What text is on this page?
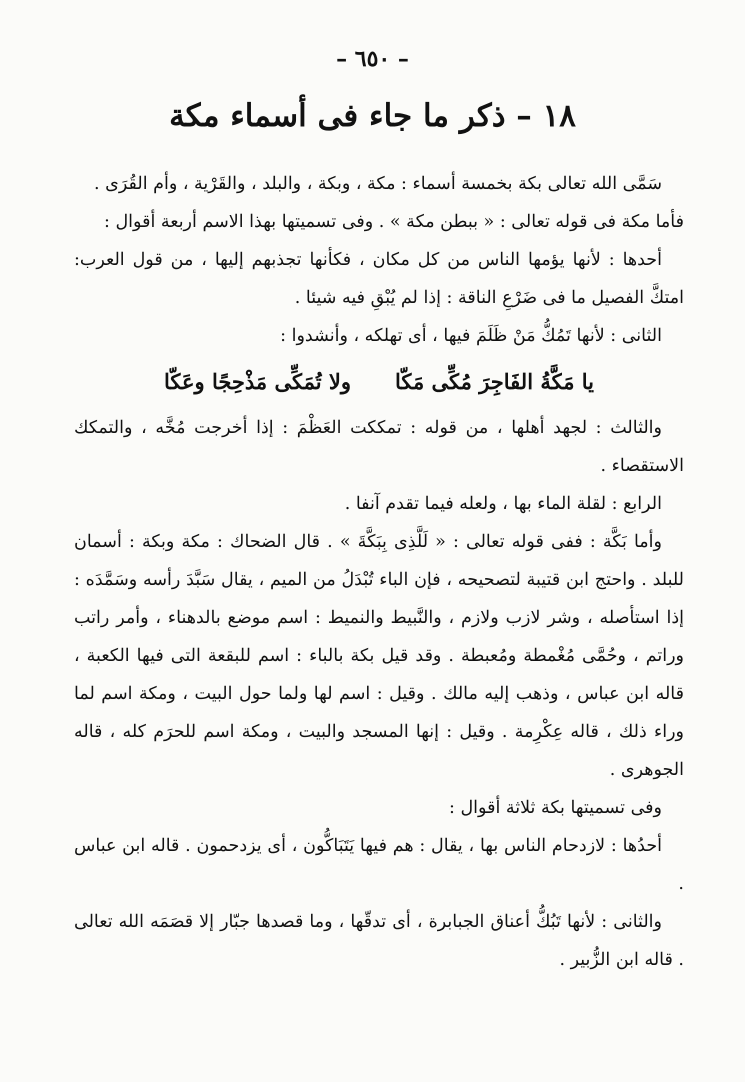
– ٦٥٠ –
١٨ – ذكر ما جاء فى أسماء مكة

سَمَّى الله تعالى بكة بخمسة أسماء : مكة ، وبكة ، والبلد ، والقَرْية ، وأم القُرَى .

فأما مكة فى قوله تعالى : « ببطن مكة » . وفى تسميتها بهذا الاسم أربعة أقوال :

أحدها : لأنها يؤمها الناس من كل مكان ، فكأنها تجذبهم إليها ، من قول العرب: امتكَّ الفصيل ما فى ضَرْعِ الناقة : إذا لم يُبْقِ فيه شيئا .

الثانى : لأنها تَمُكُّ مَنْ ظَلَمَ فيها ، أى تهلكه ، وأنشدوا :

يا مَكَّةُ الفَاجِرَ مُكِّى مَكّا
ولا تُمَكِّى مَذْحِجًا وعَكّا

والثالث : لجهد أهلها ، من قوله : تمككت العَظْمَ : إذا أخرجت مُخَّه ، والتمكك الاستقصاء .

الرابع : لقلة الماء بها ، ولعله فيما تقدم آنفا .

وأما بَكَّة : ففى قوله تعالى : « لَلَّذِى بِبَكَّةَ » . قال الضحاك : مكة وبكة : أسمان للبلد . واحتج ابن قتيبة لتصحيحه ، فإن الباء تُبْدَلُ من الميم ، يقال سَبَّدَ رأسه وسَمَّدَه : إذا استأصله ، وشر لازب ولازم ، والنَّبيط والنميط : اسم موضع بالدهناء ، وأمر راتب وراتم ، وحُمَّى مُغْمطة ومُعبطة . وقد قيل بكة بالباء : اسم للبقعة التى فيها الكعبة ، قاله ابن عباس ، وذهب إليه مالك . وقيل : اسم لها ولما حول البيت ، ومكة اسم لما وراء ذلك ، قاله عِكْرِمة . وقيل : إنها المسجد والبيت ، ومكة اسم للحرَم كله ، قاله الجوهرى .

وفى تسميتها بكة ثلاثة أقوال :

أحدُها : لازدحام الناس بها ، يقال : هم فيها يَتَبَاكُّون ، أى يزدحمون . قاله ابن عباس .

والثانى : لأنها تَبُكُّ أعناق الجبابرة ، أى تدقّها ، وما قصدها جبّار إلا قصَمَه الله تعالى . قاله ابن الزُّبير .
